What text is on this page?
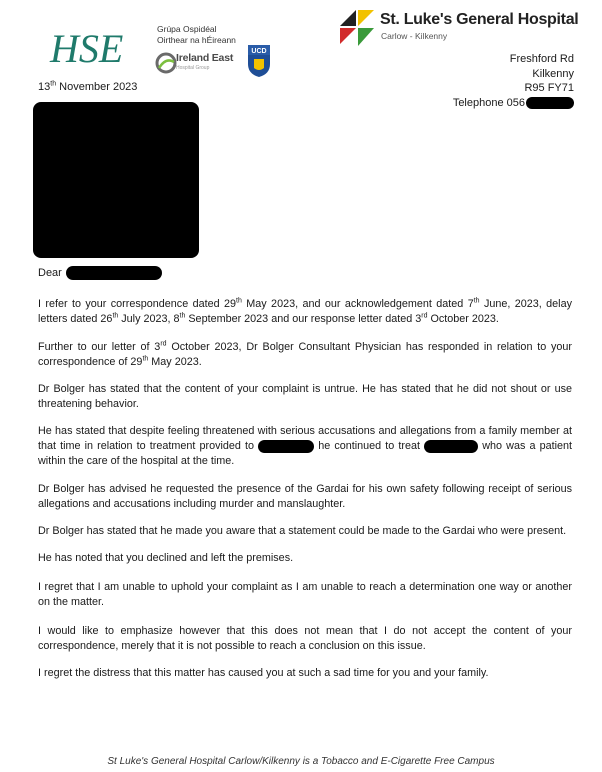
HSE	Grúpa Ospidéal
Oirthear na hÉireann
Ireland East
Hospital Group
UCD
St. Luke's General Hospital
Carlow - Kilkenny
Freshford Rd
Kilkenny
R95 FY71
Telephone 056
13th November 2023
Dear
I refer to your correspondence dated 29th May 2023, and our acknowledgement dated 7th June, 2023, delay letters dated 26th July 2023, 8th September 2023 and our response letter dated 3rd October 2023.
Further to our letter of 3rd October 2023, Dr Bolger Consultant Physician has responded in relation to your correspondence of 29th May 2023.
Dr Bolger has stated that the content of your complaint is untrue. He has stated that he did not shout or use threatening behavior.
He has stated that despite feeling threatened with serious accusations and allegations from a family member at that time in relation to treatment provided to	he continued to treat	who was a patient within the care of the hospital at the time.
Dr Bolger has advised he requested the presence of the Gardai for his own safety following receipt of serious allegations and accusations including murder and manslaughter.
Dr Bolger has stated that he made you aware that a statement could be made to the Gardai who were present.
He has noted that you declined and left the premises.
I regret that I am unable to uphold your complaint as I am unable to reach a determination one way or another on the matter.
I would like to emphasize however that this does not mean that I do not accept the content of your correspondence, merely that it is not possible to reach a conclusion on this issue.
I regret the distress that this matter has caused you at such a sad time for you and your family.
St Luke's General Hospital Carlow/Kilkenny is a Tobacco and E-Cigarette Free Campus
